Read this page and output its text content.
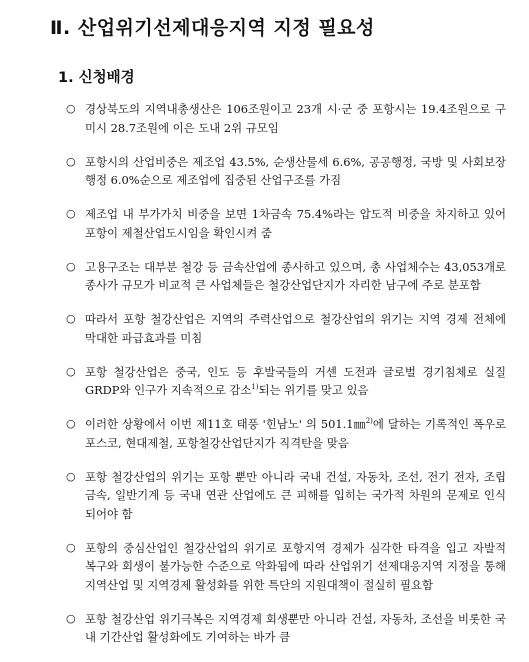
Ⅱ. 산업위기선제대응지역 지정 필요성
1. 신청배경
○ 경상북도의 지역내총생산은 106조원이고 23개 시·군 중 포항시는 19.4조원으로 구미시 28.7조원에 이은 도내 2위 규모임
○ 포항시의 산업비중은 제조업 43.5%, 순생산물세 6.6%, 공공행정, 국방 및 사회보장행정 6.0%순으로 제조업에 집중된 산업구조를 가짐
○ 제조업 내 부가가치 비중을 보면 1차금속 75.4%라는 압도적 비중을 차지하고 있어 포항이 제철산업도시임을 확인시켜 줌
○ 고용구조는 대부분 철강 등 금속산업에 종사하고 있으며, 총 사업체수는 43,053개로 종사가 규모가 비교적 큰 사업체들은 철강산업단지가 자리한 남구에 주로 분포함
○ 따라서 포항 철강산업은 지역의 주력산업으로 철강산업의 위기는 지역 경제 전체에 막대한 파급효과를 미침
○ 포항 철강산업은 중국, 인도 등 후발국들의 거센 도전과 글로벌 경기침체로 실질 GRDP와 인구가 지속적으로 감소$^{1)}$되는 위기를 맞고 있음
○ 이러한 상황에서 이번 제11호 태풍 '힌남노' 의 501.1㎜$^{2)}$에 달하는 기록적인 폭우로 포스코, 현대제철, 포항철강산업단지가 직격탄을 맞음
○ 포항 철강산업의 위기는 포항 뿐만 아니라 국내 건설, 자동차, 조선, 전기 전자, 조립금속, 일반기계 등 국내 연관 산업에도 큰 피해를 입히는 국가적 차원의 문제로 인식되어야 함
○ 포항의 중심산업인 철강산업의 위기로 포항지역 경제가 심각한 타격을 입고 자발적 복구와 회생이 불가능한 수준으로 악화됨에 따라 산업위기 선제대응지역 지정을 통해 지역산업 및 지역경제 활성화를 위한 특단의 지원대책이 절실히 필요함
○ 포항 철강산업 위기극복은 지역경제 회생뿐만 아니라 건설, 자동차, 조선을 비롯한 국내 기간산업 활성화에도 기여하는 바가 큼
